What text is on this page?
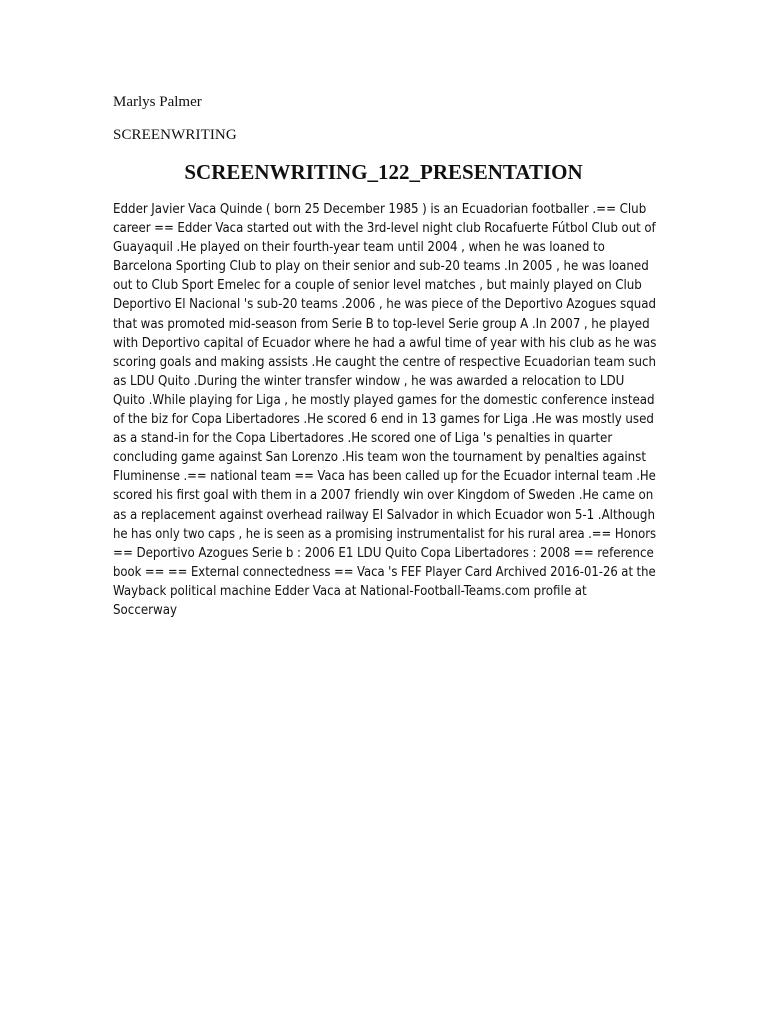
Marlys Palmer
SCREENWRITING
SCREENWRITING_122_PRESENTATION

Edder Javier Vaca Quinde ( born 25 December 1985 ) is an Ecuadorian footballer .== Club
career == Edder Vaca started out with the 3rd-level night club Rocafuerte Fútbol Club out of
Guayaquil .He played on their fourth-year team until 2004 , when he was loaned to
Barcelona Sporting Club to play on their senior and sub-20 teams .In 2005 , he was loaned
out to Club Sport Emelec for a couple of senior level matches , but mainly played on Club
Deportivo El Nacional 's sub-20 teams .2006 , he was piece of the Deportivo Azogues squad
that was promoted mid-season from Serie B to top-level Serie group A .In 2007 , he played
with Deportivo capital of Ecuador where he had a awful time of year with his club as he was
scoring goals and making assists .He caught the centre of respective Ecuadorian team such
as LDU Quito .During the winter transfer window , he was awarded a relocation to LDU
Quito .While playing for Liga , he mostly played games for the domestic conference instead
of the biz for Copa Libertadores .He scored 6 end in 13 games for Liga .He was mostly used
as a stand-in for the Copa Libertadores .He scored one of Liga 's penalties in quarter
concluding game against San Lorenzo .His team won the tournament by penalties against
Fluminense .== national team == Vaca has been called up for the Ecuador internal team .He
scored his first goal with them in a 2007 friendly win over Kingdom of Sweden .He came on
as a replacement against overhead railway El Salvador in which Ecuador won 5-1 .Although
he has only two caps , he is seen as a promising instrumentalist for his rural area .== Honors
== Deportivo Azogues Serie b : 2006 E1 LDU Quito Copa Libertadores : 2008 == reference
book == == External connectedness == Vaca 's FEF Player Card Archived 2016-01-26 at the
Wayback political machine Edder Vaca at National-Football-Teams.com profile at
Soccerway
